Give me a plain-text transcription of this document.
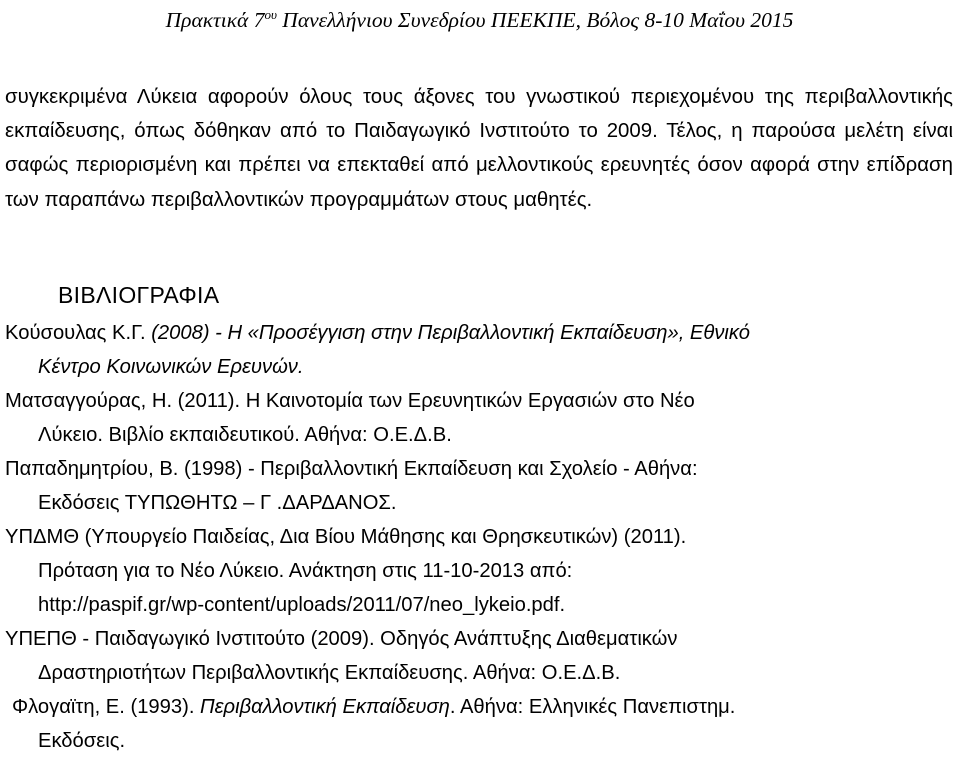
Πρακτικά $7^{o\upsilon}$ Πανελλήνιου Συνεδρίου ΠΕΕΚΠΕ, Βόλος 8-10 Μαΐου 2015

συγκεκριμένα Λύκεια αφορούν όλους τους άξονες του γνωστικού περιεχομένου της περιβαλλοντικής εκπαίδευσης, όπως δόθηκαν από το Παιδαγωγικό Ινστιτούτο το 2009. Τέλος, η παρούσα μελέτη είναι σαφώς περιορισμένη και πρέπει να επεκταθεί από μελλοντικούς ερευνητές όσον αφορά στην επίδραση των παραπάνω περιβαλλοντικών προγραμμάτων στους μαθητές.

ΒΙΒΛΙΟΓΡΑΦΙΑ
Κούσουλας Κ.Γ. (2008) - Η «Προσέγγιση στην Περιβαλλοντική Εκπαίδευση», Εθνικό
Κέντρο Κοινωνικών Ερευνών.
Ματσαγγούρας, Η. (2011). Η Καινοτομία των Ερευνητικών Εργασιών στο Νέο
Λύκειο. Βιβλίο εκπαιδευτικού. Αθήνα: Ο.Ε.Δ.Β.
Παπαδημητρίου, Β. (1998) - Περιβαλλοντική Εκπαίδευση και Σχολείο - Αθήνα:
Εκδόσεις ΤΥΠΩΘΗΤΩ – Γ .ΔΑΡΔΑΝΟΣ.
ΥΠΔΜΘ (Υπουργείο Παιδείας, Δια Βίου Μάθησης και Θρησκευτικών) (2011).
Πρόταση για το Νέο Λύκειο. Ανάκτηση στις 11-10-2013 από:
http://paspif.gr/wp-content/uploads/2011/07/neo_lykeio.pdf.
ΥΠΕΠΘ - Παιδαγωγικό Ινστιτούτο (2009). Οδηγός Ανάπτυξης Διαθεματικών
Δραστηριοτήτων Περιβαλλοντικής Εκπαίδευσης. Αθήνα: Ο.Ε.Δ.Β.
Φλογαϊτη, Ε. (1993). Περιβαλλοντική Εκπαίδευση. Αθήνα: Ελληνικές Πανεπιστημ.
Εκδόσεις.
